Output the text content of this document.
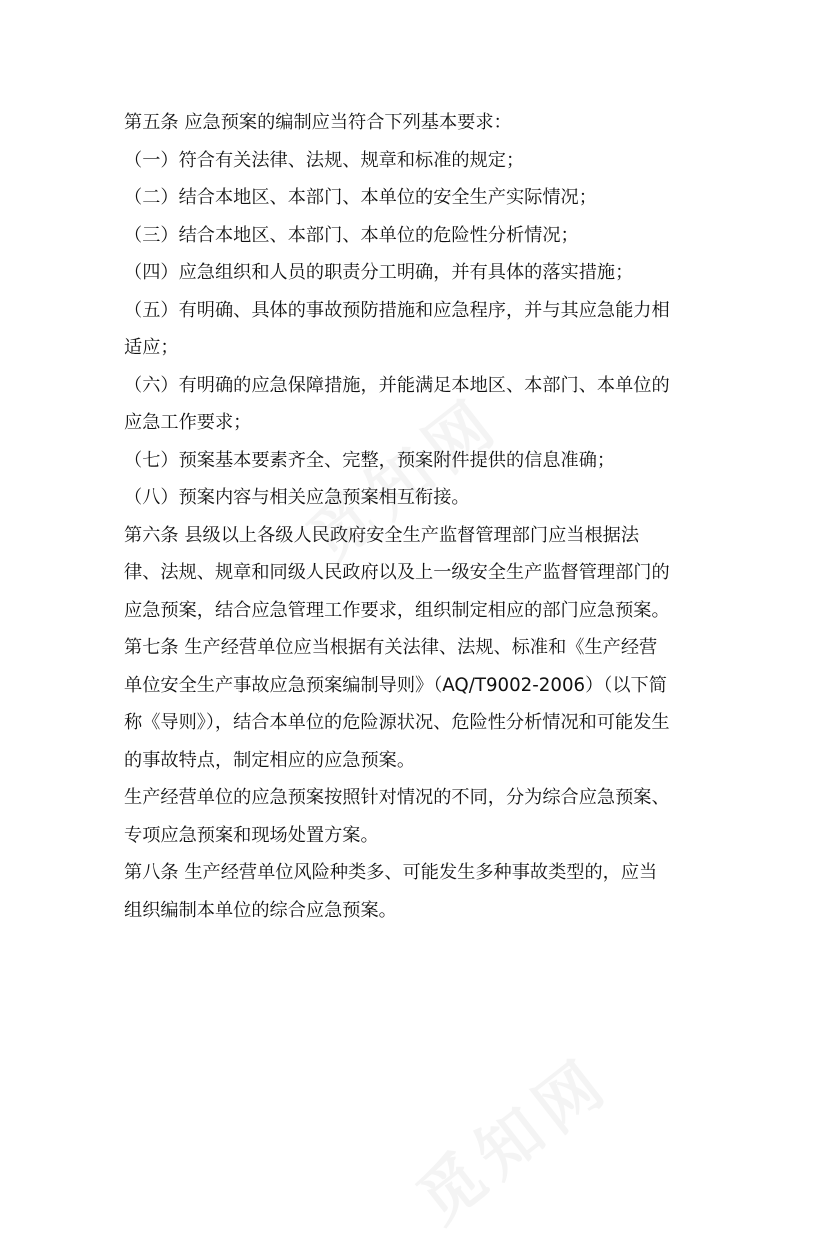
第五条 应急预案的编制应当符合下列基本要求：
（一）符合有关法律、法规、规章和标准的规定；
（二）结合本地区、本部门、本单位的安全生产实际情况；
（三）结合本地区、本部门、本单位的危险性分析情况；
（四）应急组织和人员的职责分工明确，并有具体的落实措施；
（五）有明确、具体的事故预防措施和应急程序，并与其应急能力相
适应；
（六）有明确的应急保障措施，并能满足本地区、本部门、本单位的
应急工作要求；
（七）预案基本要素齐全、完整，预案附件提供的信息准确；
（八）预案内容与相关应急预案相互衔接。
第六条 县级以上各级人民政府安全生产监督管理部门应当根据法
律、法规、规章和同级人民政府以及上一级安全生产监督管理部门的
应急预案，结合应急管理工作要求，组织制定相应的部门应急预案。
第七条 生产经营单位应当根据有关法律、法规、标准和《生产经营
单位安全生产事故应急预案编制导则》（AQ/T9002-2006）（以下简
称《导则》），结合本单位的危险源状况、危险性分析情况和可能发生
的事故特点，制定相应的应急预案。
生产经营单位的应急预案按照针对情况的不同，分为综合应急预案、
专项应急预案和现场处置方案。
第八条 生产经营单位风险种类多、可能发生多种事故类型的，应当
组织编制本单位的综合应急预案。
